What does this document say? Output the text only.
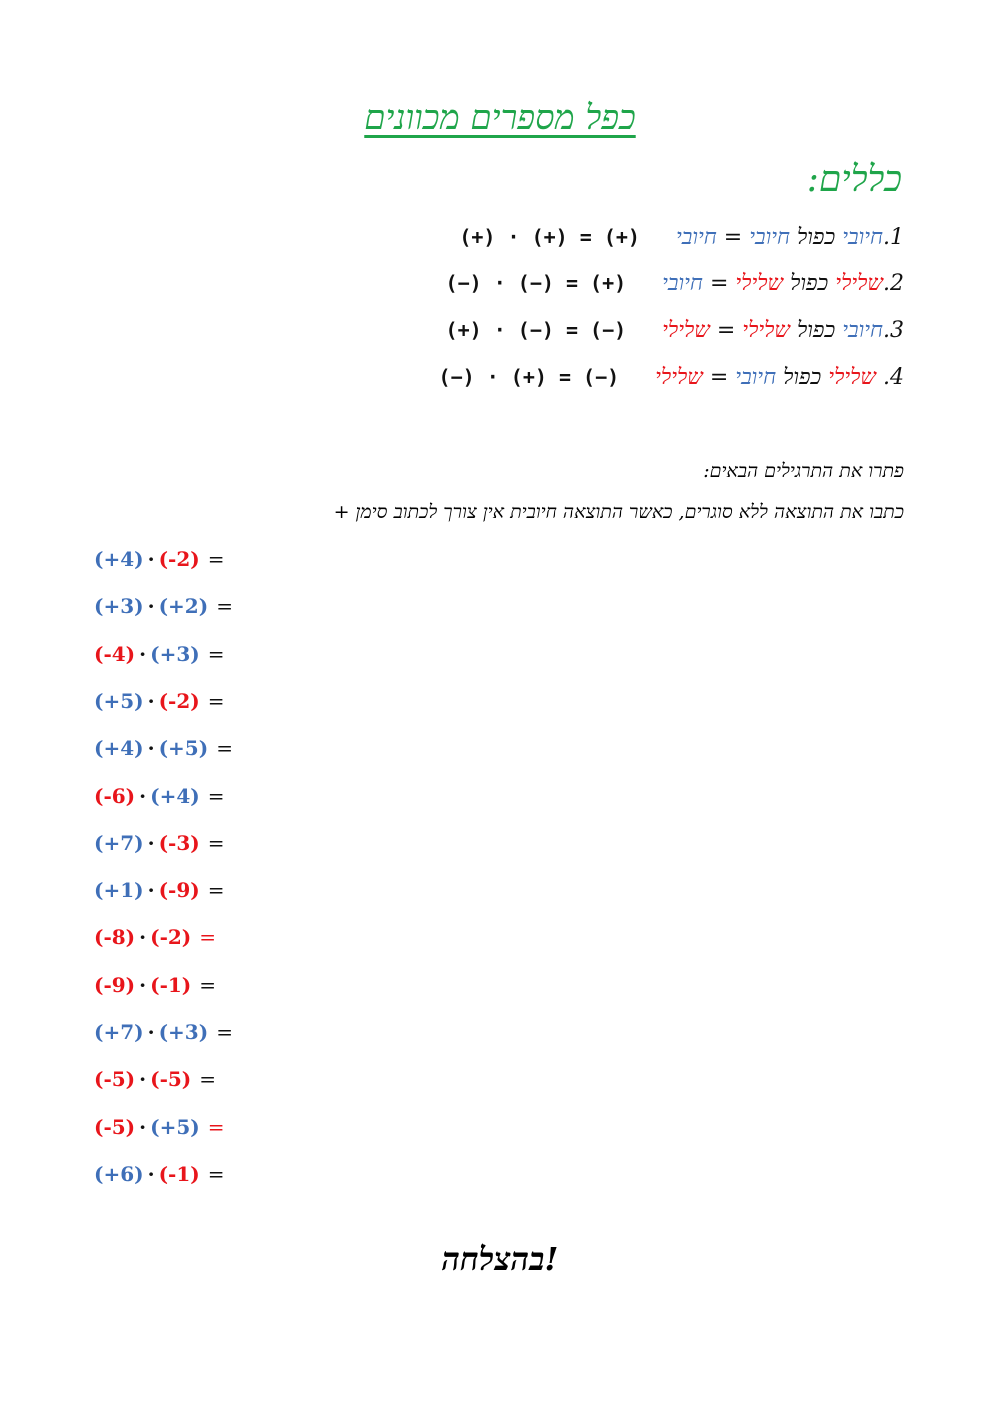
כפל מספרים מכוונים
כללים:
1.חיובי כפול חיובי = חיובי(+) · (+) = (+)
2.שלילי כפול שלילי = חיובי(−) · (−) = (+)
3.חיובי כפול שלילי = שלילי(+) · (−) = (−)
4. שלילי כפול חיובי = שלילי(−) · (+) = (−)
פתרו את התרגילים הבאים:
כתבו את התוצאה ללא סוגרים, כאשר התוצאה חיובית אין צורך לכתוב סימן +
(+4) · (-2) =
(+3) · (+2) =
(-4) · (+3) =
(+5) · (-2) =
(+4) · (+5) =
(-6) · (+4) =
(+7) · (-3) =
(+1) · (-9) =
(-8) · (-2) =
(-9) · (-1) =
(+7) · (+3) =
(-5) · (-5) =
(-5) · (+5) =
(+6) · (-1) =
בהצלחה!
